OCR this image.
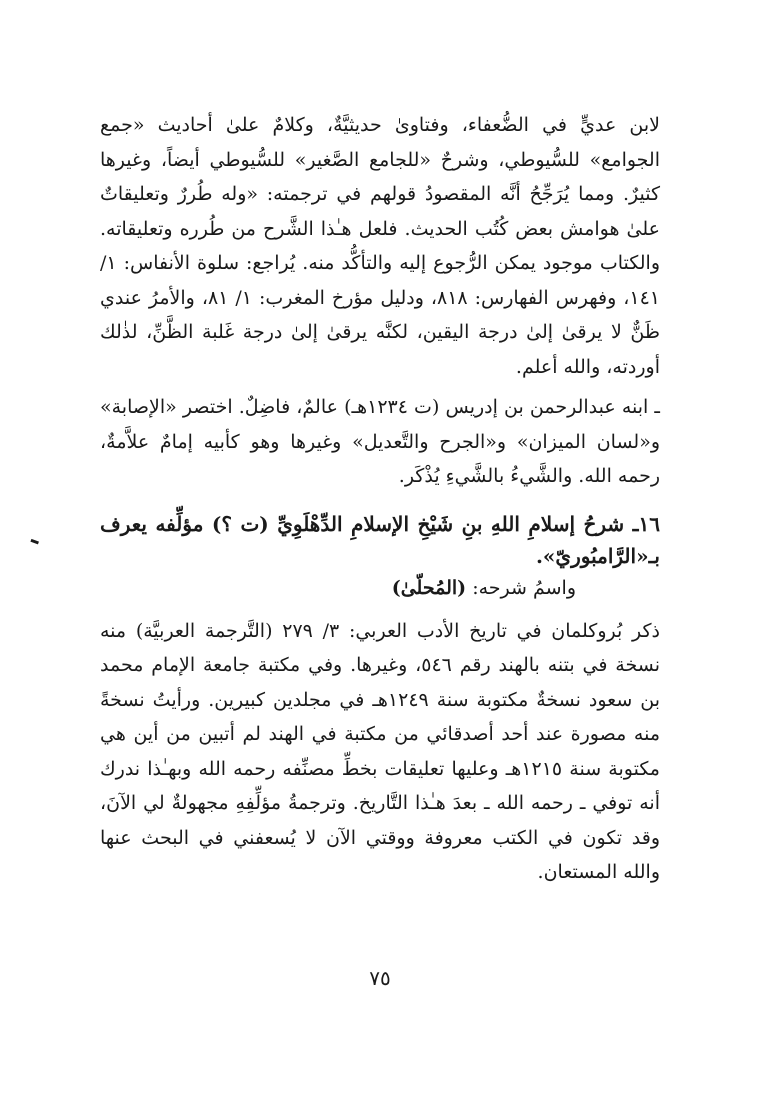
لابن عديٍّ في الضُّعفاء، وفتاوىٰ حديثيَّةٌ، وكلامٌ علىٰ أحاديث «جمع الجوامع» للسُّيوطي، وشرحٌ «للجامع الصَّغير» للسُّيوطي أيضاً، وغيرها كثيرٌ. ومما يُرَجِّحُ أنَّه المقصودُ قولهم في ترجمته: «وله طُررٌ وتعليقاتٌ علىٰ هوامش بعض كُتُب الحديث. فلعل هـٰذا الشَّرح من طُرره وتعليقاته. والكتاب موجود يمكن الرُّجوع إليه والتأكُّد منه. يُراجع: سلوة الأنفاس: ١/ ١٤١، وفهرس الفهارس: ٨١٨، ودليل مؤرخ المغرب: ١/ ٨١، والأمرُ عندي ظَنٌّ لا يرقىٰ إلىٰ درجة اليقين، لكنَّه يرقىٰ إلىٰ درجة غَلبة الظَّنِّ، لذٰلك أوردته، والله أعلم.

ـ ابنه عبدالرحمن بن إدريس (ت ١٢٣٤هـ) عالمٌ، فاضِلٌ. اختصر «الإصابة» و«لسان الميزان» و«الجرح والتَّعديل» وغيرها وهو كأبيه إمامٌ علاَّمةٌ، رحمه الله. والشَّيءُ بالشَّيءِ يُذْكَر.

١٦ـ شرحُ إسلامِ اللهِ بنِ شَيْخِ الإسلامِ الدِّهْلَوِيِّ (ت ؟) مؤلِّفه يعرف بـ«الرَّامبُوريّ».

واسمُ شرحه: (المُحلّىٰ)

ذكر بُروكلمان في تاريخ الأدب العربي: ٣/ ٢٧٩ (التَّرجمة العربيَّة) منه نسخة في بتنه بالهند رقم ٥٤٦، وغيرها. وفي مكتبة جامعة الإمام محمد بن سعود نسخةٌ مكتوبة سنة ١٢٤٩هـ في مجلدين كبيرين. ورأيتُ نسخةً منه مصورة عند أحد أصدقائي من مكتبة في الهند لم أتبين من أين هي مكتوبة سنة ١٢١٥هـ وعليها تعليقات بخطِّ مصنِّفه رحمه الله وبهـٰذا ندرك أنه توفي ـ رحمه الله ـ بعدَ هـٰذا التَّاريخ. وترجمةُ مؤلِّفِهِ مجهولةٌ لي الآنَ، وقد تكون في الكتب معروفة ووقتي الآن لا يُسعفني في البحث عنها والله المستعان.

٧٥
